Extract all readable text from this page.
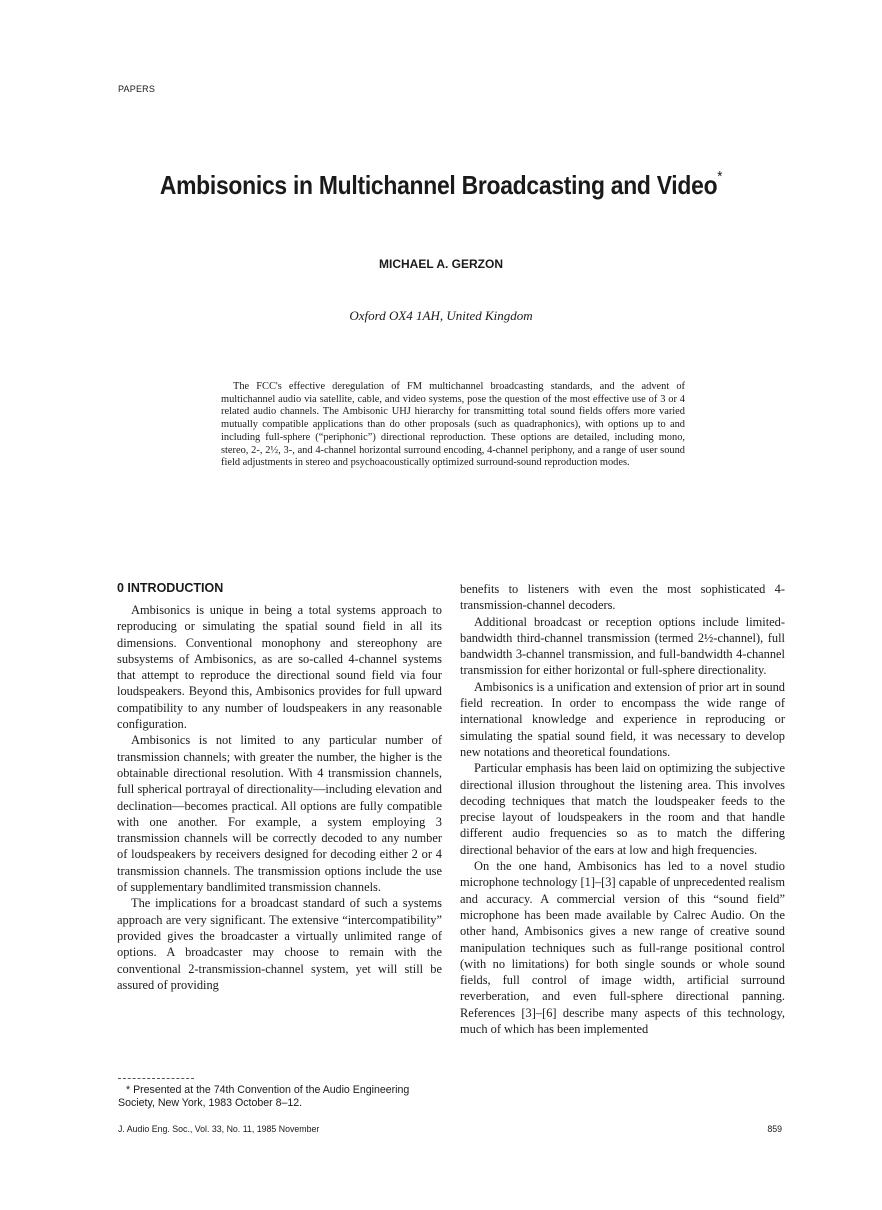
PAPERS
Ambisonics in Multichannel Broadcasting and Video*
MICHAEL A. GERZON
Oxford OX4 1AH, United Kingdom
The FCC's effective deregulation of FM multichannel broadcasting standards, and the advent of multichannel audio via satellite, cable, and video systems, pose the question of the most effective use of 3 or 4 related audio channels. The Ambisonic UHJ hierarchy for transmitting total sound fields offers more varied mutually compatible applications than do other proposals (such as quadraphonics), with options up to and including full-sphere (“periphonic”) directional reproduction. These options are detailed, including mono, stereo, 2-, 2½, 3-, and 4-channel horizontal surround encoding, 4-channel periphony, and a range of user sound field adjustments in stereo and psychoacoustically optimized surround-sound reproduction modes.
0 INTRODUCTION

Ambisonics is unique in being a total systems approach to reproducing or simulating the spatial sound field in all its dimensions. Conventional monophony and stereophony are subsystems of Ambisonics, as are so-called 4-channel systems that attempt to reproduce the directional sound field via four loudspeakers. Beyond this, Ambisonics provides for full upward compatibility to any number of loudspeakers in any reasonable configuration.

Ambisonics is not limited to any particular number of transmission channels; with greater the number, the higher is the obtainable directional resolution. With 4 transmission channels, full spherical portrayal of directionality—including elevation and declination—becomes practical. All options are fully compatible with one another. For example, a system employing 3 transmission channels will be correctly decoded to any number of loudspeakers by receivers designed for decoding either 2 or 4 transmission channels. The transmission options include the use of supplementary bandlimited transmission channels.

The implications for a broadcast standard of such a systems approach are very significant. The extensive “intercompatibility” provided gives the broadcaster a virtually unlimited range of options. A broadcaster may choose to remain with the conventional 2-transmission-channel system, yet will still be assured of providing

benefits to listeners with even the most sophisticated 4-transmission-channel decoders.

Additional broadcast or reception options include limited-bandwidth third-channel transmission (termed 2½-channel), full bandwidth 3-channel transmission, and full-bandwidth 4-channel transmission for either horizontal or full-sphere directionality.

Ambisonics is a unification and extension of prior art in sound field recreation. In order to encompass the wide range of international knowledge and experience in reproducing or simulating the spatial sound field, it was necessary to develop new notations and theoretical foundations.

Particular emphasis has been laid on optimizing the subjective directional illusion throughout the listening area. This involves decoding techniques that match the loudspeaker feeds to the precise layout of loudspeakers in the room and that handle different audio frequencies so as to match the differing directional behavior of the ears at low and high frequencies.

On the one hand, Ambisonics has led to a novel studio microphone technology [1]–[3] capable of unprecedented realism and accuracy. A commercial version of this “sound field” microphone has been made available by Calrec Audio. On the other hand, Ambisonics gives a new range of creative sound manipulation techniques such as full-range positional control (with no limitations) for both single sounds or whole sound fields, full control of image width, artificial surround reverberation, and even full-sphere directional panning. References [3]–[6] describe many aspects of this technology, much of which has been implemented

* Presented at the 74th Convention of the Audio Engineering Society, New York, 1983 October 8–12.
J. Audio Eng. Soc., Vol. 33, No. 11, 1985 November	859
